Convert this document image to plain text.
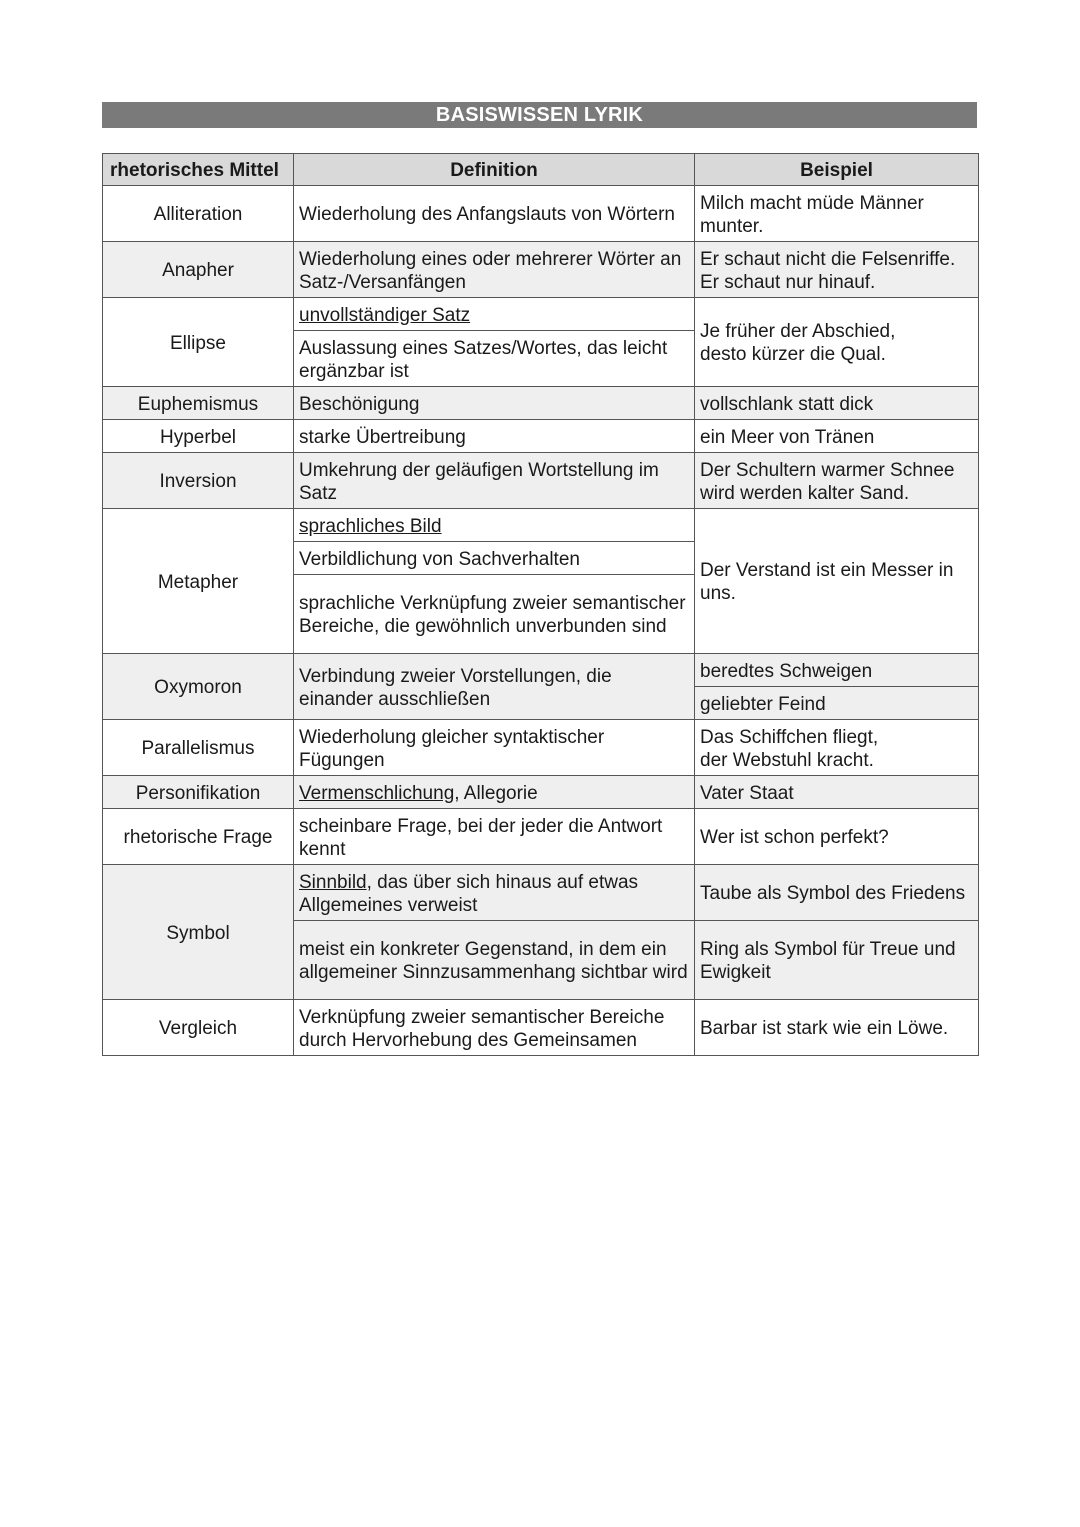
BASISWISSEN LYRIK
rhetorisches Mittel	Definition	Beispiel
Alliteration	Wiederholung des Anfangslauts von Wörtern	Milch macht müde Männer munter.
Anapher	Wiederholung eines oder mehrerer Wörter an Satz-/Versanfängen	Er schaut nicht die Felsenriffe.
Er schaut nur hinauf.

Ellipse	unvollständiger Satz	Je früher der Abschied,
desto kürzer die Qual.

	Auslassung eines Satzes/Wortes, das leicht ergänzbar ist	
Euphemismus	Beschönigung	vollschlank statt dick
Hyperbel	starke Übertreibung	ein Meer von Tränen
Inversion	Umkehrung der geläufigen Wortstellung im Satz	Der Schultern warmer Schnee wird werden kalter Sand.
Metapher	sprachliches Bild	Der Verstand ist ein Messer in uns.
	Verbildlichung von Sachverhalten	
	sprachliche Verknüpfung zweier semantischer Bereiche, die gewöhnlich unverbunden sind	
Oxymoron	Verbindung zweier Vorstellungen, die einander ausschließen	beredtes Schweigen
		geliebter Feind
Parallelismus	Wiederholung gleicher syntaktischer Fügungen	Das Schiffchen fliegt,
der Webstuhl kracht.

Personifikation	Vermenschlichung, Allegorie	Vater Staat
rhetorische Frage	scheinbare Frage, bei der jeder die Antwort kennt	Wer ist schon perfekt?
Symbol	Sinnbild, das über sich hinaus auf etwas Allgemeines verweist	Taube als Symbol des Friedens
	meist ein konkreter Gegenstand, in dem ein allgemeiner Sinnzusammenhang sichtbar wird	Ring als Symbol für Treue und Ewigkeit
Vergleich	Verknüpfung zweier semantischer Bereiche durch Hervorhebung des Gemeinsamen	Barbar ist stark wie ein Löwe.
